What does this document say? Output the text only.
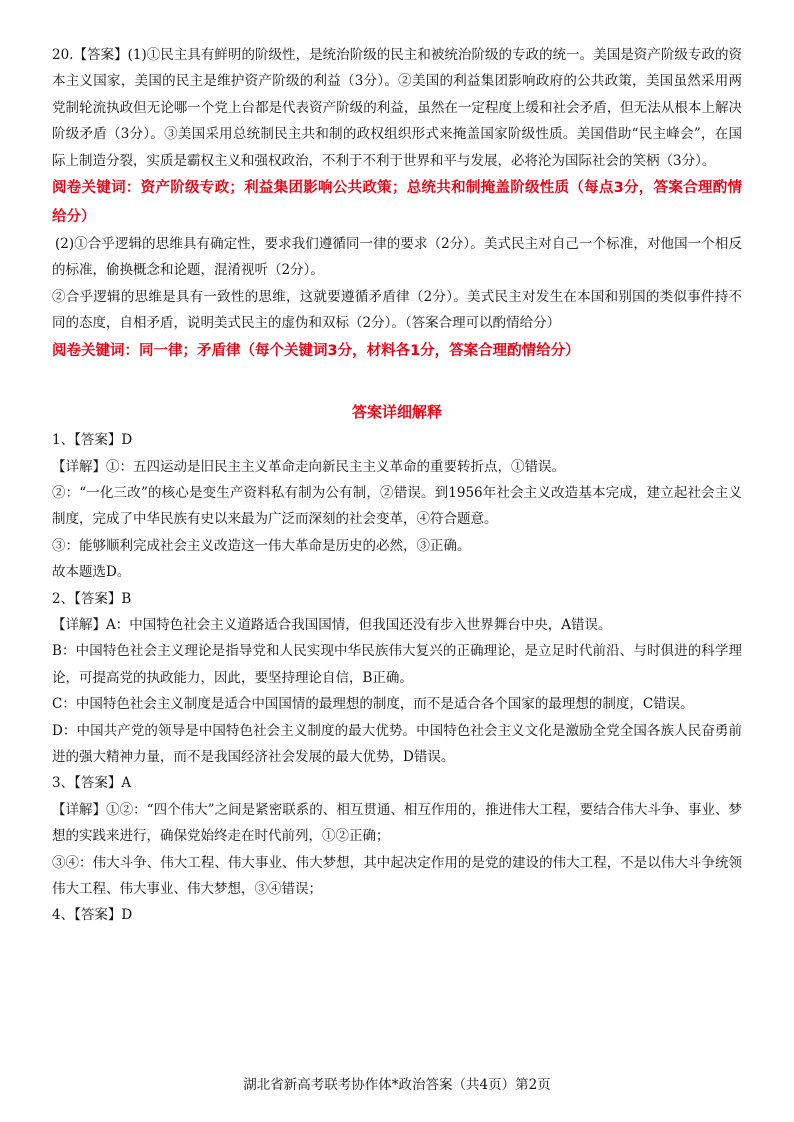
20.【答案】(1)①民主具有鲜明的阶级性，是统治阶级的民主和被统治阶级的专政的统一。美国是资产阶级专政的资本主义国家，美国的民主是维护资产阶级的利益（3分）。②美国的利益集团影响政府的公共政策，美国虽然采用两党制轮流执政但无论哪一个党上台都是代表资产阶级的利益，虽然在一定程度上缓和社会矛盾，但无法从根本上解决阶级矛盾（3分）。③美国采用总统制民主共和制的政权组织形式来掩盖国家阶级性质。美国借助“民主峰会”，在国际上制造分裂，实质是霸权主义和强权政治，不利于不利于世界和平与发展，必将沦为国际社会的笑柄（3分）。

阅卷关键词：资产阶级专政；利益集团影响公共政策；总统共和制掩盖阶级性质（每点3分，答案合理酌情给分）

(2)①合乎逻辑的思维具有确定性，要求我们遵循同一律的要求（2分）。美式民主对自己一个标准，对他国一个相反的标准，偷换概念和论题，混淆视听（2分）。

②合乎逻辑的思维是具有一致性的思维，这就要遵循矛盾律（2分）。美式民主对发生在本国和别国的类似事件持不同的态度，自相矛盾，说明美式民主的虚伪和双标（2分）。（答案合理可以酌情给分）

阅卷关键词：同一律；矛盾律（每个关键词3分，材料各1分，答案合理酌情给分）

答案详细解释

1、【答案】D

【详解】①：五四运动是旧民主主义革命走向新民主主义革命的重要转折点，①错误。

②：“一化三改”的核心是变生产资料私有制为公有制，②错误。到1956年社会主义改造基本完成，建立起社会主义制度，完成了中华民族有史以来最为广泛而深刻的社会变革，④符合题意。

③：能够顺利完成社会主义改造这一伟大革命是历史的必然，③正确。

故本题选D。

2、【答案】B

【详解】A：中国特色社会主义道路适合我国国情，但我国还没有步入世界舞台中央，A错误。

B：中国特色社会主义理论是指导党和人民实现中华民族伟大复兴的正确理论，是立足时代前沿、与时俱进的科学理论，可提高党的执政能力，因此，要坚持理论自信，B正确。

C：中国特色社会主义制度是适合中国国情的最理想的制度，而不是适合各个国家的最理想的制度，C错误。

D：中国共产党的领导是中国特色社会主义制度的最大优势。中国特色社会主义文化是激励全党全国各族人民奋勇前进的强大精神力量，而不是我国经济社会发展的最大优势，D错误。

3、【答案】A

【详解】①②：“四个伟大”之间是紧密联系的、相互贯通、相互作用的，推进伟大工程，要结合伟大斗争、事业、梦想的实践来进行，确保党始终走在时代前列，①②正确；

③④：伟大斗争、伟大工程、伟大事业、伟大梦想，其中起决定作用的是党的建设的伟大工程，不是以伟大斗争统领伟大工程、伟大事业、伟大梦想，③④错误；

4、【答案】D

湖北省新高考联考协作体*政治答案（共4页）第2页
